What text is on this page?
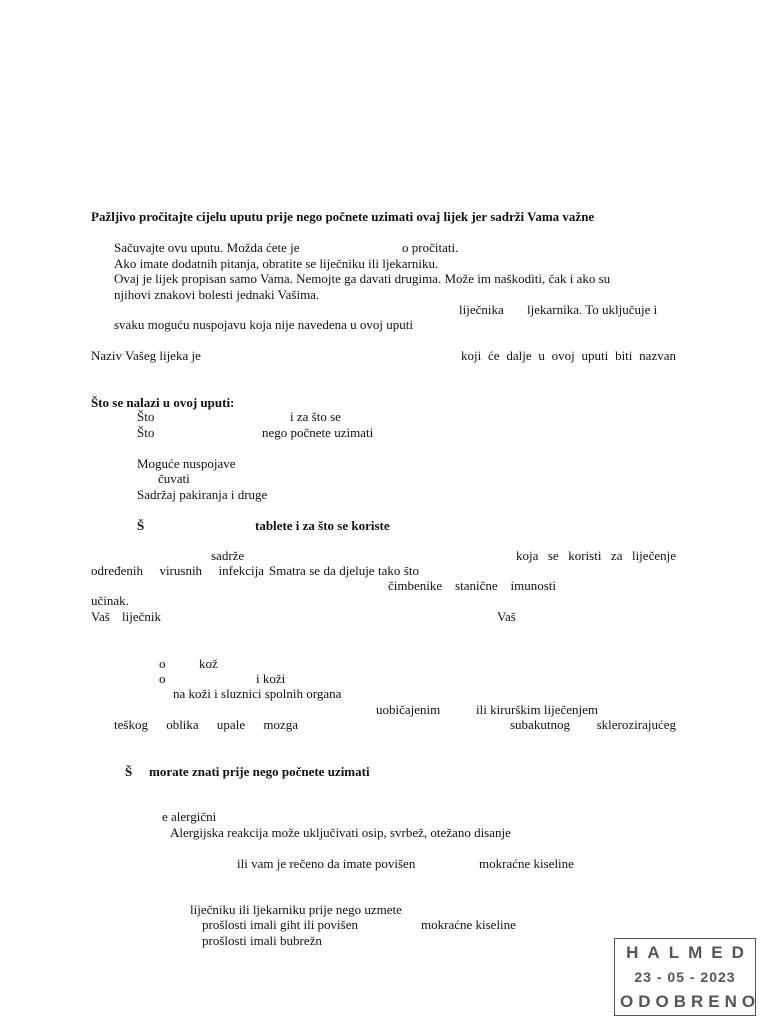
Pažljivo pročitajte cijelu uputu prije nego počnete uzimati ovaj lijek jer sadrži Vama važne
Sačuvajte ovu uputu. Možda ćete je	o pročitati.
Ako imate dodatnih pitanja, obratite se liječniku ili ljekarniku.
Ovaj je lijek propisan samo Vama. Nemojte ga davati drugima. Može im naškoditi, čak i ako su
njihovi znakovi bolesti jednaki Vašima.
liječnika ljekarnika. To uključuje i
svaku moguću nuspojavu koja nije navedena u ovoj uputi
Naziv Vašeg lijeka je	koji će dalje u ovoj uputi biti nazvan
Što se nalazi u ovoj uputi:
Što	i za što se
Što	nego počnete uzimati
Moguće nuspojave
čuvati
Sadržaj pakiranja i druge
Š	tablete i za što se koriste
sadrže	koja se koristi za liječenje
određenih virusnih infekcija Smatra se da djeluje tako što
čimbenike stanične imunosti
učinak.
Vaš liječnik	Vaš
o	kož
o	i koži
na koži i sluznici spolnih organa
uobičajenim	ili kirurškim liječenjem
teškog oblika upale mozga	subakutnog sklerozirajućeg
Š morate znati prije nego počnete uzimati
e alergični
Alergijska reakcija može uključivati osip, svrbež, otežano disanje
ili vam je rečeno da imate povišen	mokraćne kiseline
liječniku ili ljekarniku prije nego uzmete
prošlosti imali giht ili povišen	mokraćne kiseline
prošlosti imali bubrežn
HALMED
23 - 05 - 2023
ODOBRENO
